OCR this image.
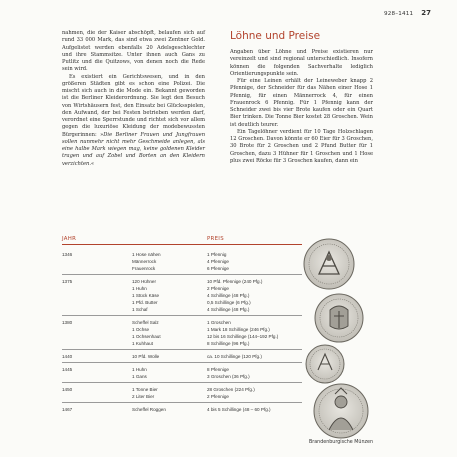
928–1411 27

nahmen, die der Kaiser abschöpft, belaufen sich auf rund 33 000 Mark, das sind etwa zwei Zentner Gold. Aufgelistet werden ebenfalls 20 Adelsgeschlechter und ihre Stammsitze. Unter ihnen auch Gans zu Putlitz und die Quitzows, von denen noch die Rede sein wird.

Es existiert ein Gerichtswesen, und in den größeren Städten gibt es schon eine Polizei. Die mischt sich auch in die Mode ein. Bekannt geworden ist die Berliner Kleiderordnung. Sie legt den Besuch von Wirtshäusern fest, den Einsatz bei Glücksspielen, den Aufwand, der bei Festen betrieben werden darf, verordnet eine Sperrstunde und richtet sich vor allem gegen die luxuriöse Kleidung der modebewussten Bürgerinnen: »Die Berliner Frauen und Jungfrauen sollen nunmehr nicht mehr Geschmeide anlegen, als eine halbe Mark wiegen mag, keine goldenen Kleider tragen und auf Zobel und Borten an den Kleidern verzichten.«

Löhne und Preise

Angaben über Löhne und Preise existieren nur vereinzelt und sind regional unterschiedlich. Insofern können die folgenden Sachverhalte lediglich Orientierungspunkte sein.

Für eine Leinen erhält der Leineweber knapp 2 Pfennige, der Schneider für das Nähen einer Hose 1 Pfennig, für einen Männerrock 4, für einen Frauenrock 6 Pfennig. Für 1 Pfennig kann der Schneider zwei bis vier Brote kaufen oder ein Quart Bier trinken. Die Tonne Bier kostet 28 Groschen. Wein ist deutlich teurer.

Ein Tagelöhner verdient für 10 Tage Holzschlagen 12 Groschen. Davon könnte er 60 Eier für 3 Groschen, 30 Brote für 2 Groschen und 2 Pfund Butter für 1 Groschen, dazu 3 Hühner für 1 Groschen und 1 Hose plus zwei Röcke für 3 Groschen kaufen, dann ein

JAHR	PREIS
1346	1 Hose nähen	1 Pfennig
Männerrock	4 Pfennige
Frauenrock	6 Pfennige
1375	120 Hühner	10 Pfd. Pfennige (240 Pfg.)
1 Huhn	2 Pfennige
1 Stück Käse	4 Schillinge (48 Pfg.)
1 Pfd. Butter	0,5 Schillinge (6 Pfg.)
1 Schaf	4 Schillinge (48 Pfg.)
1380	Scheffel Salz	1 Groschen
1 Ochse	1 Mark 18 Schillinge (246 Pfg.)
1 Ochsenhaut	12 bis 16 Schillinge (144–192 Pfg.)
1 Kuhhaut	8 Schillinge (96 Pfg.)
1440	10 Pfd. Wolle	ca. 10 Schillinge (120 Pfg.)
1445	1 Huhn	8 Pfennige
1 Gans	3 Groschen (36 Pfg.)
1450	1 Tonne Bier	28 Groschen (224 Pfg.)
2 Liter Bier	2 Pfennige
1467	Scheffel Roggen	4 bis 5 Schillinge (48 – 60 Pfg.)
Brandenburgische Münzen
